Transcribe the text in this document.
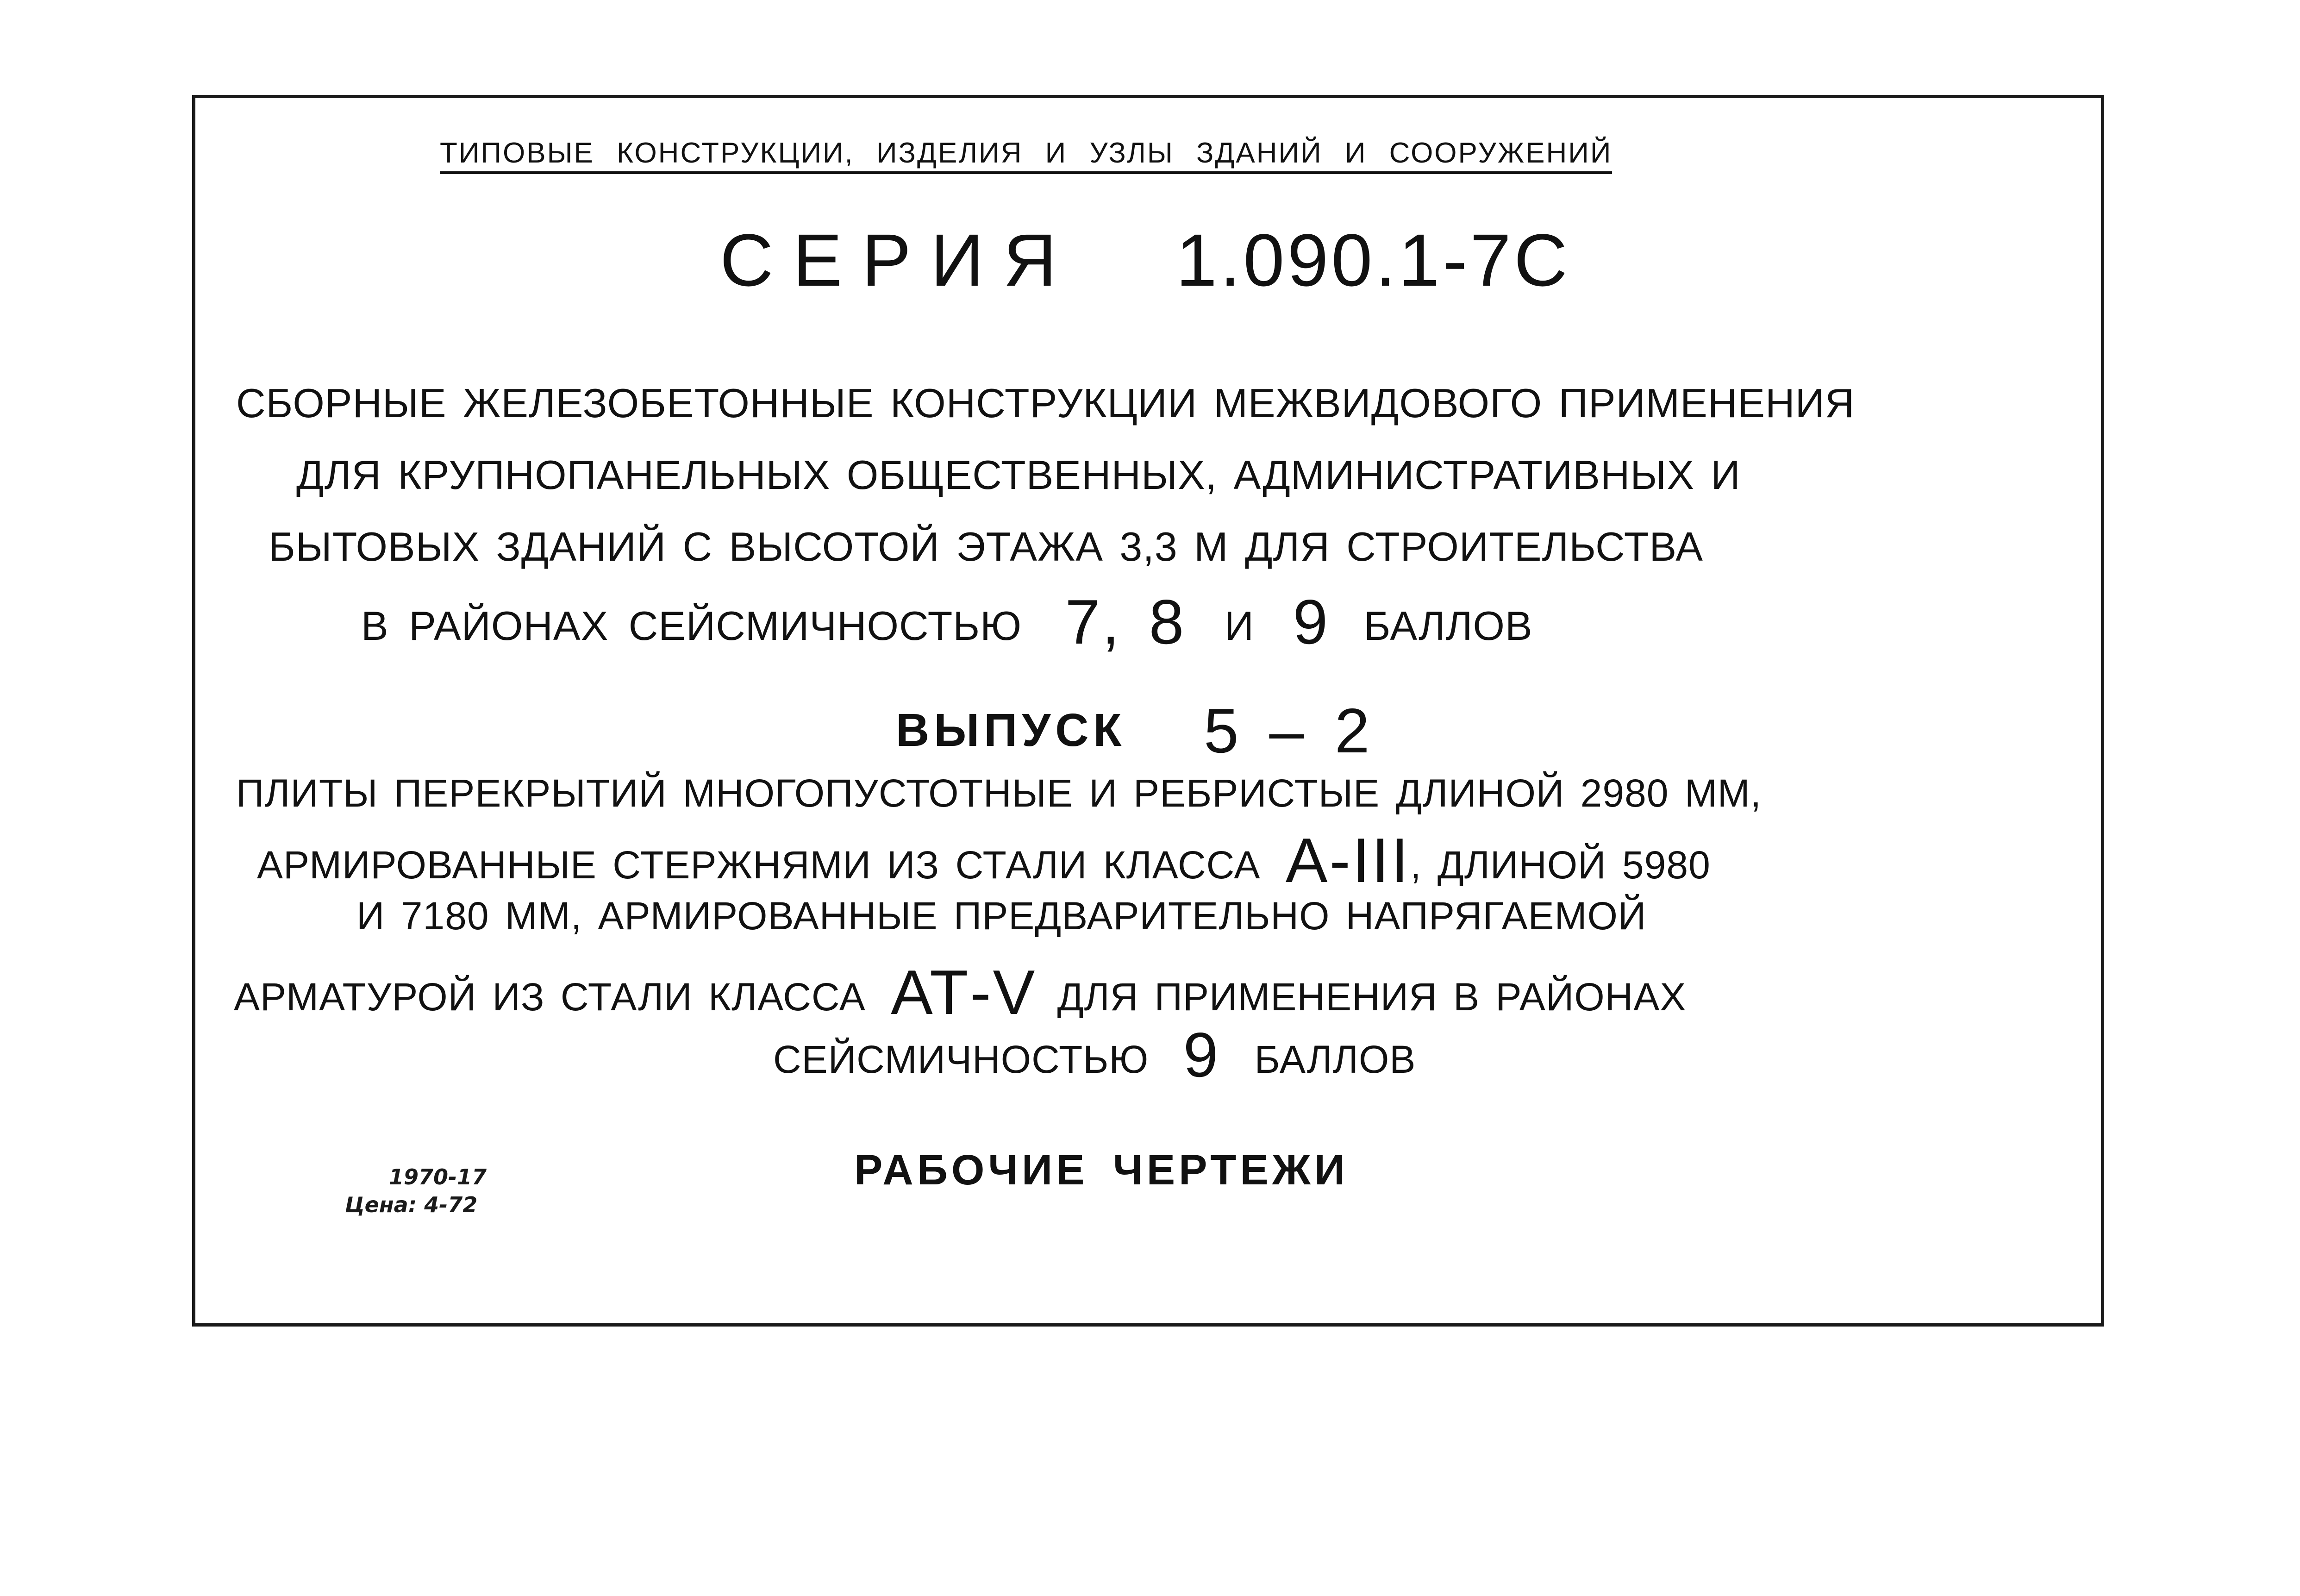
ТИПОВЫЕ КОНСТРУКЦИИ, ИЗДЕЛИЯ И УЗЛЫ ЗДАНИЙ И СООРУЖЕНИЙ
СЕРИЯ 1.090.1-7С
СБОРНЫЕ ЖЕЛЕЗОБЕТОННЫЕ КОНСТРУКЦИИ МЕЖВИДОВОГО ПРИМЕНЕНИЯ
ДЛЯ КРУПНОПАНЕЛЬНЫХ ОБЩЕСТВЕННЫХ, АДМИНИСТРАТИВНЫХ И
БЫТОВЫХ ЗДАНИЙ С ВЫСОТОЙ ЭТАЖА 3,3 М ДЛЯ СТРОИТЕЛЬСТВА
В РАЙОНАХ СЕЙСМИЧНОСТЬЮ 7, 8 И 9 БАЛЛОВ
ВЫПУСК 5 – 2
ПЛИТЫ ПЕРЕКРЫТИЙ МНОГОПУСТОТНЫЕ И РЕБРИСТЫЕ ДЛИНОЙ 2980 ММ,
АРМИРОВАННЫЕ СТЕРЖНЯМИ ИЗ СТАЛИ КЛАССА А-III, ДЛИНОЙ 5980
И 7180 ММ, АРМИРОВАННЫЕ ПРЕДВАРИТЕЛЬНО НАПРЯГАЕМОЙ
АРМАТУРОЙ ИЗ СТАЛИ КЛАССА АТ-V ДЛЯ ПРИМЕНЕНИЯ В РАЙОНАХ
СЕЙСМИЧНОСТЬЮ 9 БАЛЛОВ
РАБОЧИЕ ЧЕРТЕЖИ
1970-17
Цена: 4-72
